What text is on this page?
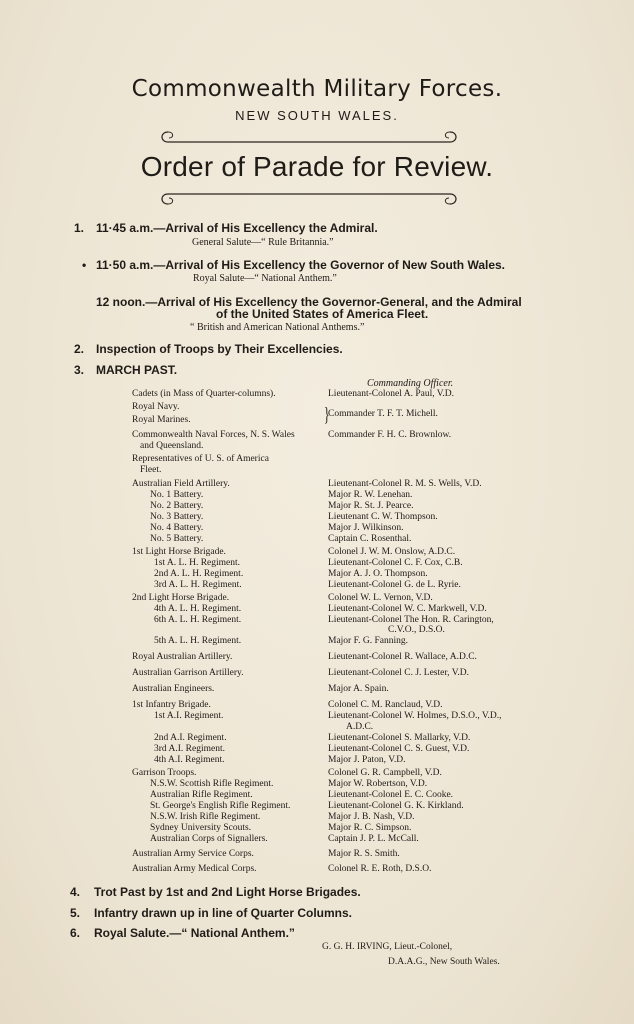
Commonwealth Military Forces.
NEW SOUTH WALES.
Order of Parade for Review.
1. 11·45 a.m.—Arrival of His Excellency the Admiral.
General Salute—“ Rule Britannia.”
• 11·50 a.m.—Arrival of His Excellency the Governor of New South Wales.
Royal Salute—“ National Anthem.”
12 noon.—Arrival of His Excellency the Governor-General, and the Admiral
of the United States of America Fleet.
“ British and American National Anthems.”
2. Inspection of Troops by Their Excellencies.
3. MARCH PAST.
Commanding Officer.
Cadets (in Mass of Quarter-columns).
Royal Navy.
Royal Marines.
Commonwealth Naval Forces, N. S. Wales
and Queensland.
Representatives of U. S. of America
Fleet.
Australian Field Artillery.
No. 1 Battery.
No. 2 Battery.
No. 3 Battery.
No. 4 Battery.
No. 5 Battery.
1st Light Horse Brigade.
1st A. L. H. Regiment.
2nd A. L. H. Regiment.
3rd A. L. H. Regiment.
2nd Light Horse Brigade.
4th A. L. H. Regiment.
6th A. L. H. Regiment.
5th A. L. H. Regiment.
Royal Australian Artillery.
Australian Garrison Artillery.
Australian Engineers.
1st Infantry Brigade.
1st A.I. Regiment.
2nd A.I. Regiment.
3rd A.I. Regiment.
4th A.I. Regiment.
Garrison Troops.
N.S.W. Scottish Rifle Regiment.
Australian Rifle Regiment.
St. George's English Rifle Regiment.
N.S.W. Irish Rifle Regiment.
Sydney University Scouts.
Australian Corps of Signallers.
Australian Army Service Corps.
Australian Army Medical Corps.
}
Lieutenant-Colonel A. Paul, V.D.
Commander T. F. T. Michell.
Commander F. H. C. Brownlow.
Lieutenant-Colonel R. M. S. Wells, V.D.
Major R. W. Lenehan.
Major R. St. J. Pearce.
Lieutenant C. W. Thompson.
Major J. Wilkinson.
Captain C. Rosenthal.
Colonel J. W. M. Onslow, A.D.C.
Lieutenant-Colonel C. F. Cox, C.B.
Major A. J. O. Thompson.
Lieutenant-Colonel G. de L. Ryrie.
Colonel W. L. Vernon, V.D.
Lieutenant-Colonel W. C. Markwell, V.D.
Lieutenant-Colonel The Hon. R. Carington,
C.V.O., D.S.O.
Major F. G. Fanning.
Lieutenant-Colonel R. Wallace, A.D.C.
Lieutenant-Colonel C. J. Lester, V.D.
Major A. Spain.
Colonel C. M. Ranclaud, V.D.
Lieutenant-Colonel W. Holmes, D.S.O., V.D.,
A.D.C.
Lieutenant-Colonel S. Mallarky, V.D.
Lieutenant-Colonel C. S. Guest, V.D.
Major J. Paton, V.D.
Colonel G. R. Campbell, V.D.
Major W. Robertson, V.D.
Lieutenant-Colonel E. C. Cooke.
Lieutenant-Colonel G. K. Kirkland.
Major J. B. Nash, V.D.
Major R. C. Simpson.
Captain J. P. L. McCall.
Major R. S. Smith.
Colonel R. E. Roth, D.S.O.
4. Trot Past by 1st and 2nd Light Horse Brigades.
5. Infantry drawn up in line of Quarter Columns.
6. Royal Salute.—“ National Anthem.”
G. G. H. IRVING, Lieut.-Colonel,
D.A.A.G., New South Wales.
